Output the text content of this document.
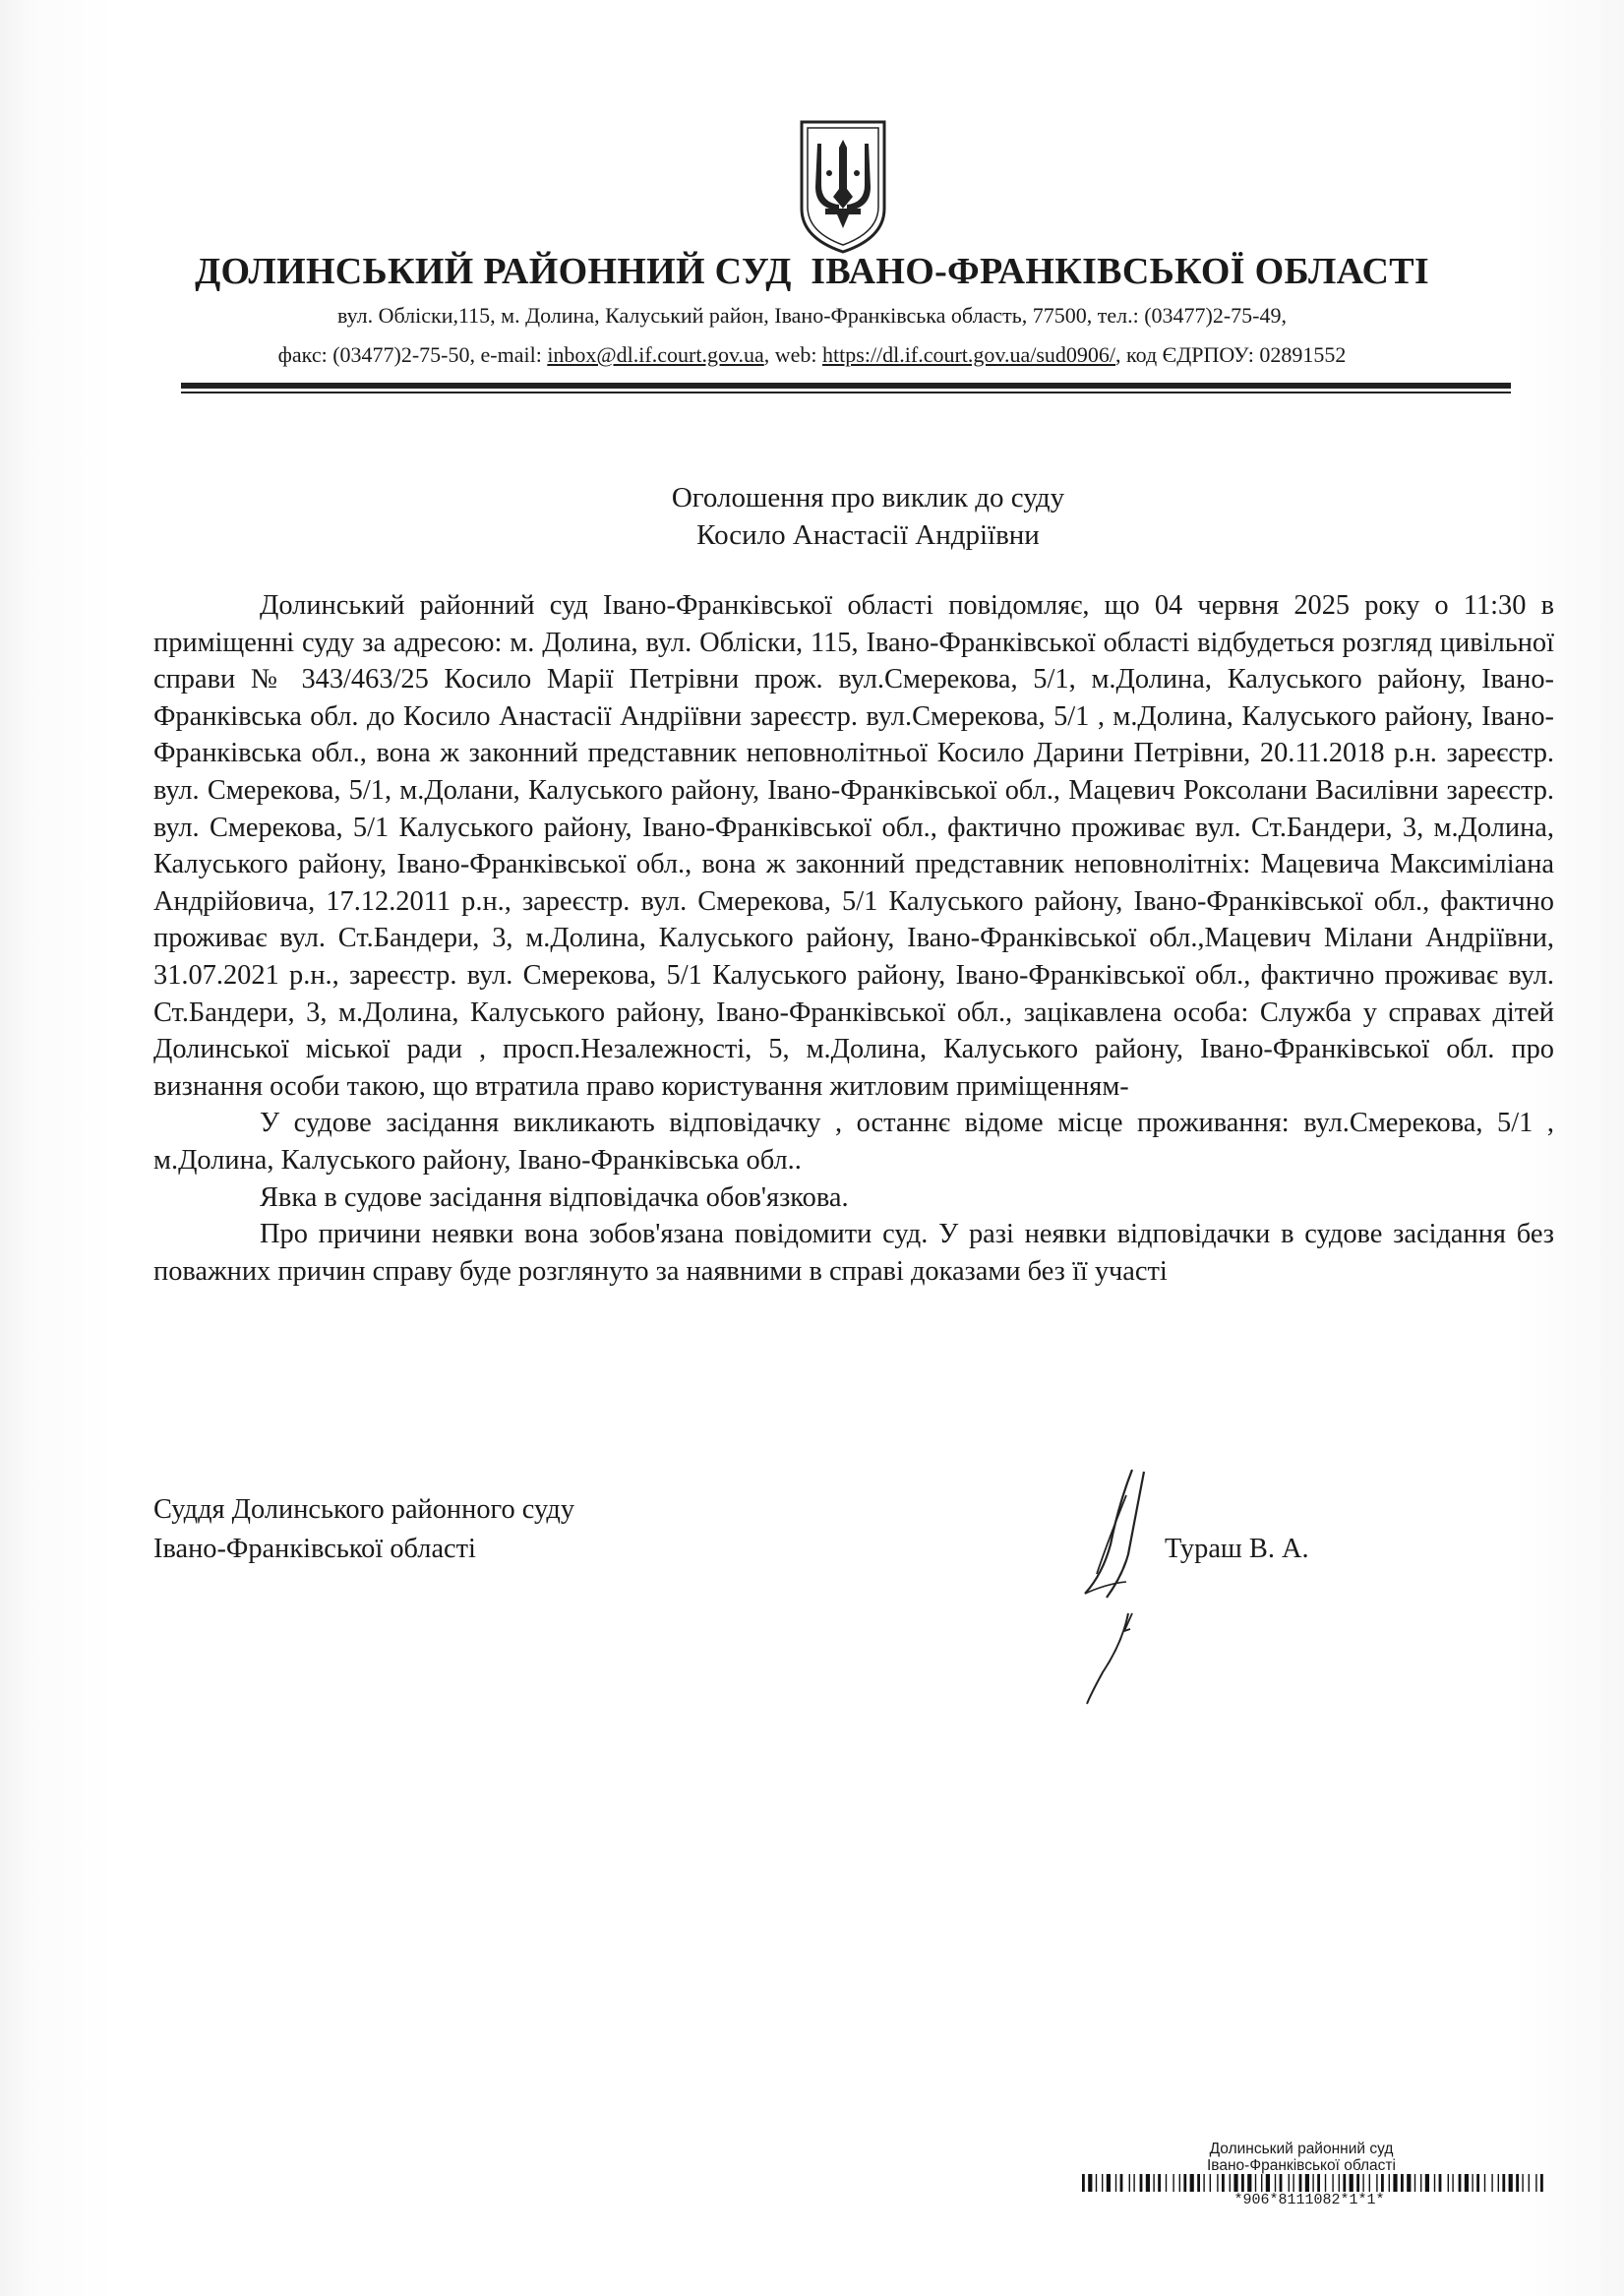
ДОЛИНСЬКИЙ РАЙОННИЙ СУД  ІВАНО-ФРАНКІВСЬКОЇ ОБЛАСТІ
вул. Обліски,115, м. Долина, Калуський район, Івано-Франківська область, 77500, тел.: (03477)2-75-49,
факс: (03477)2-75-50, e-mail: inbox@dl.if.court.gov.ua, web: https://dl.if.court.gov.ua/sud0906/, код ЄДРПОУ: 02891552
Оголошення про виклик до суду
Косило Анастасії Андріївни

Долинський районний суд Івано-Франківської області повідомляє, що 04 червня 2025 року о 11:30 в приміщенні суду за адресою: м. Долина, вул. Обліски, 115, Івано-Франківської області відбудеться розгляд цивільної справи № 343/463/25 Косило Марії Петрівни прож. вул.Смерекова, 5/1, м.Долина, Калуського району, Івано-Франківська обл. до Косило Анастасії Андріївни зареєстр. вул.Смерекова, 5/1 , м.Долина, Калуського району, Івано-Франківська обл., вона ж законний представник неповнолітньої Косило Дарини Петрівни, 20.11.2018 р.н. зареєстр. вул. Смерекова, 5/1, м.Долани, Калуського району, Івано-Франківської обл., Мацевич Роксолани Василівни зареєстр. вул. Смерекова, 5/1 Калуського району, Івано-Франківської обл., фактично проживає вул. Ст.Бандери, 3, м.Долина, Калуського району, Івано-Франківської обл., вона ж законний представник неповнолітніх: Мацевича Максиміліана Андрійовича, 17.12.2011 р.н., зареєстр. вул. Смерекова, 5/1 Калуського району, Івано-Франківської обл., фактично проживає вул. Ст.Бандери, 3, м.Долина, Калуського району, Івано-Франківської обл.,Мацевич Мілани Андріївни, 31.07.2021 р.н., зареєстр. вул. Смерекова, 5/1 Калуського району, Івано-Франківської обл., фактично проживає вул. Ст.Бандери, 3, м.Долина, Калуського району, Івано-Франківської обл., зацікавлена особа: Служба у справах дітей Долинської міської ради , просп.Незалежності, 5, м.Долина, Калуського району, Івано-Франківської обл. про визнання особи такою, що втратила право користування житловим приміщенням-

У судове засідання викликають відповідачку , останнє відоме місце проживання: вул.Смерекова, 5/1 , м.Долина, Калуського району, Івано-Франківська обл..

Явка в судове засідання відповідачка обов'язкова.

Про причини неявки вона зобов'язана повідомити суд. У разі неявки відповідачки в судове засідання без поважних причин справу буде розглянуто за наявними в справі доказами без її участі

Суддя Долинського районного суду
Івано-Франківської області	Тураш В. А.
Долинський районний суд
Івано-Франківської області
*906*8111082*1*1*
